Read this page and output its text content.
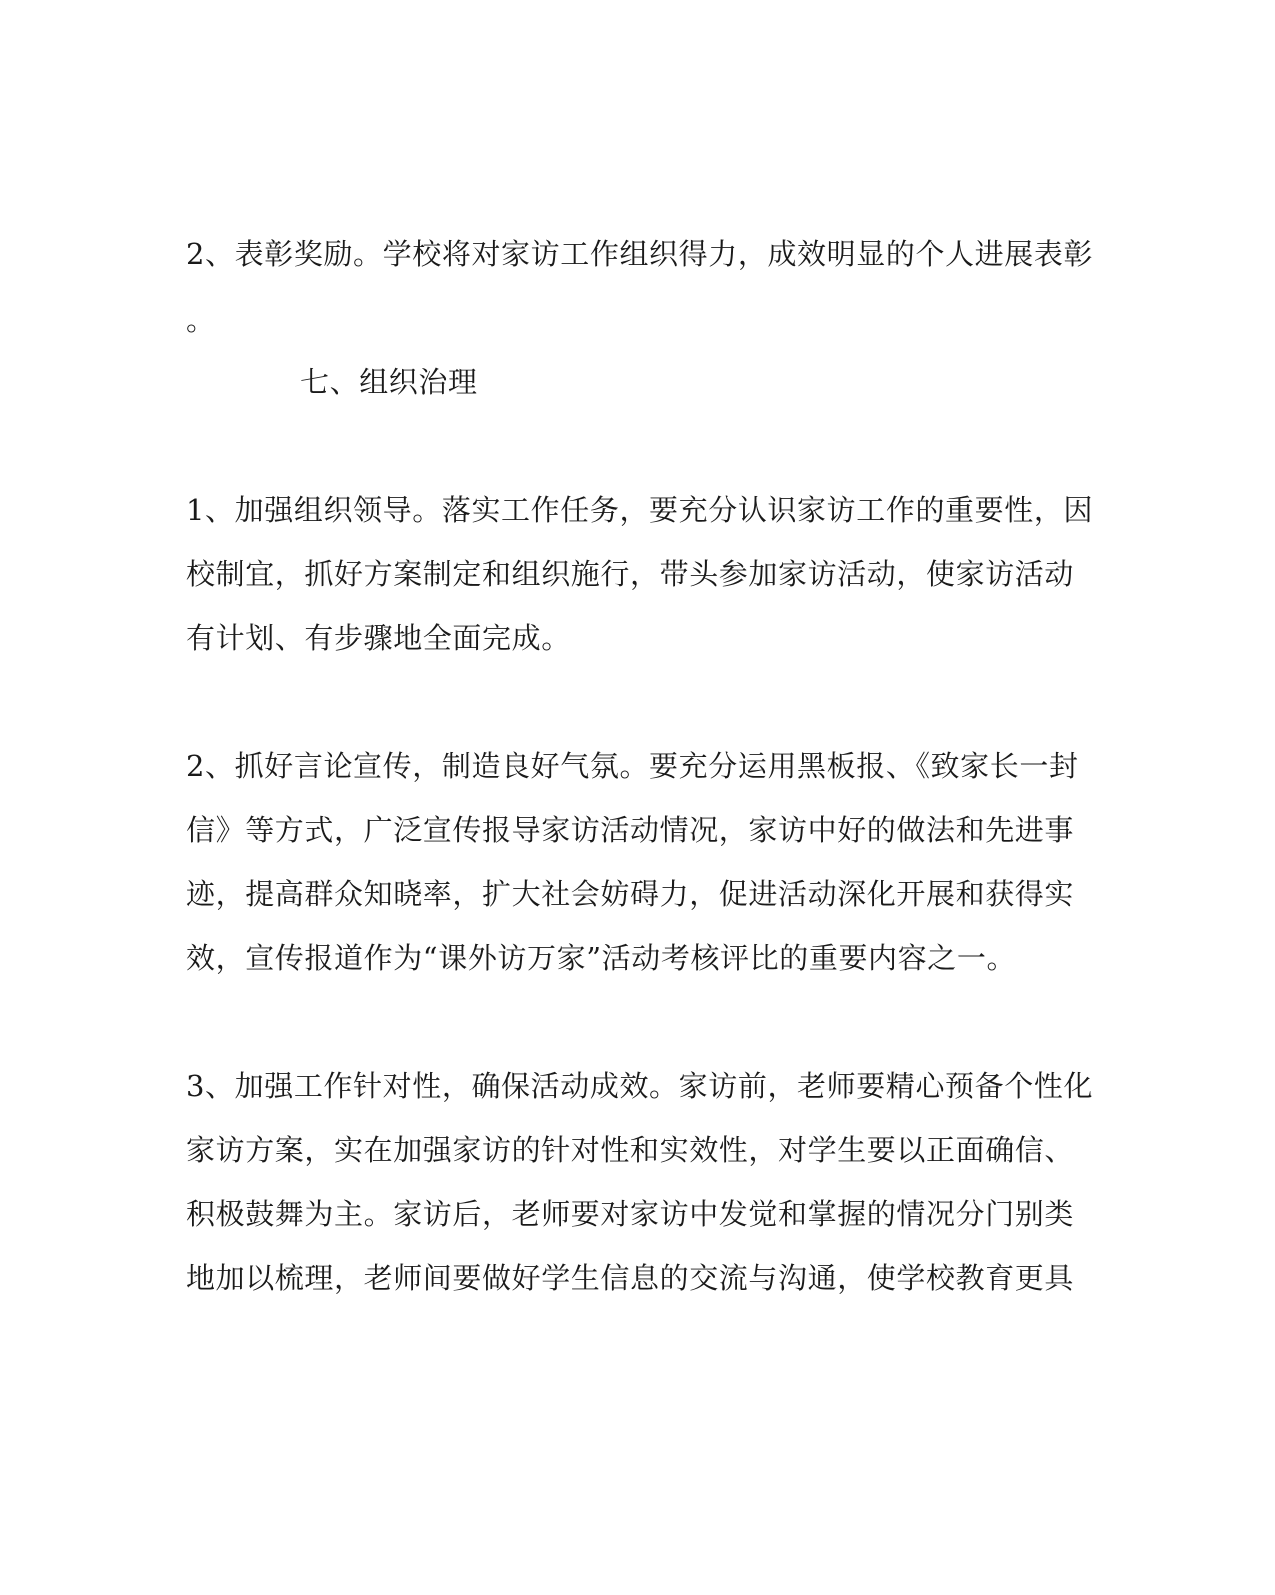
2、表彰奖励。学校将对家访工作组织得力，成效明显的个人进展表彰
。
七、组织治理
1、加强组织领导。落实工作任务，要充分认识家访工作的重要性，因
校制宜，抓好方案制定和组织施行，带头参加家访活动，使家访活动
有计划、有步骤地全面完成。
2、抓好言论宣传，制造良好气氛。要充分运用黑板报、《致家长一封
信》等方式，广泛宣传报导家访活动情况，家访中好的做法和先进事
迹，提高群众知晓率，扩大社会妨碍力，促进活动深化开展和获得实
效，宣传报道作为“课外访万家”活动考核评比的重要内容之一。
3、加强工作针对性，确保活动成效。家访前，老师要精心预备个性化
家访方案，实在加强家访的针对性和实效性，对学生要以正面确信、
积极鼓舞为主。家访后，老师要对家访中发觉和掌握的情况分门别类
地加以梳理，老师间要做好学生信息的交流与沟通，使学校教育更具
